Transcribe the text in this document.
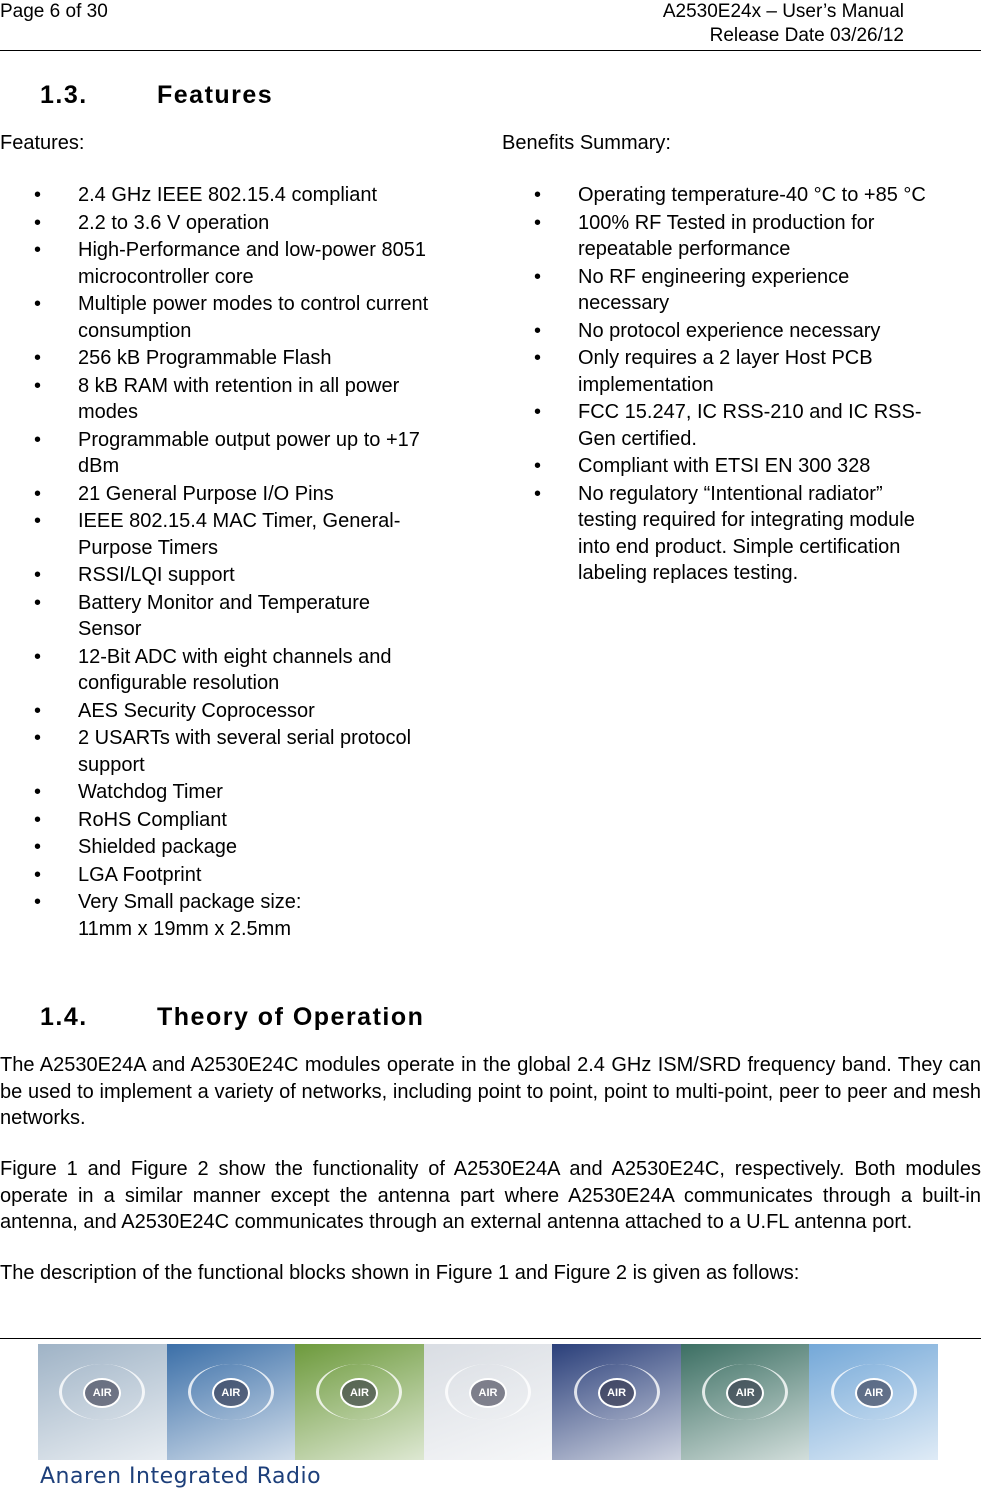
Page 6 of 30	A2530E24x – User’s Manual
Release Date 03/26/12
1.3.	Features
Features:	Benefits Summary:
• 2.4 GHz IEEE 802.15.4 compliant
• 2.2 to 3.6 V operation
• High-Performance and low-power 8051
microcontroller core
• Multiple power modes to control current
consumption
• 256 kB Programmable Flash
• 8 kB RAM with retention in all power
modes
• Programmable output power up to +17
dBm
• 21 General Purpose I/O Pins
• IEEE 802.15.4 MAC Timer, General-
Purpose Timers
• RSSI/LQI support
• Battery Monitor and Temperature
Sensor
• 12-Bit ADC with eight channels and
configurable resolution
• AES Security Coprocessor
• 2 USARTs with several serial protocol
support
• Watchdog Timer
• RoHS Compliant
• Shielded package
• LGA Footprint
• Very Small package size:
11mm x 19mm x 2.5mm
• Operating temperature-40 °C to +85 °C
• 100% RF Tested in production for
repeatable performance
• No RF engineering experience
necessary
• No protocol experience necessary
• Only requires a 2 layer Host PCB
implementation
• FCC 15.247, IC RSS-210 and IC RSS-
Gen certified.
• Compliant with ETSI EN 300 328
• No regulatory “Intentional radiator”
testing required for integrating module
into end product. Simple certification
labeling replaces testing.
1.4.	Theory of Operation
The A2530E24A and A2530E24C modules operate in the global 2.4 GHz ISM/SRD frequency band. They can be used to implement a variety of networks, including point to point, point to multi-point, peer to peer and mesh networks.
Figure 1 and Figure 2 show the functionality of A2530E24A and A2530E24C, respectively. Both modules operate in a similar manner except the antenna part where A2530E24A communicates through a built-in antenna, and A2530E24C communicates through an external antenna attached to a U.FL antenna port.
The description of the functional blocks shown in Figure 1 and Figure 2 is given as follows:
AIR	AIR	AIR	AIR	AIR	AIR	AIR
Anaren Integrated Radio
